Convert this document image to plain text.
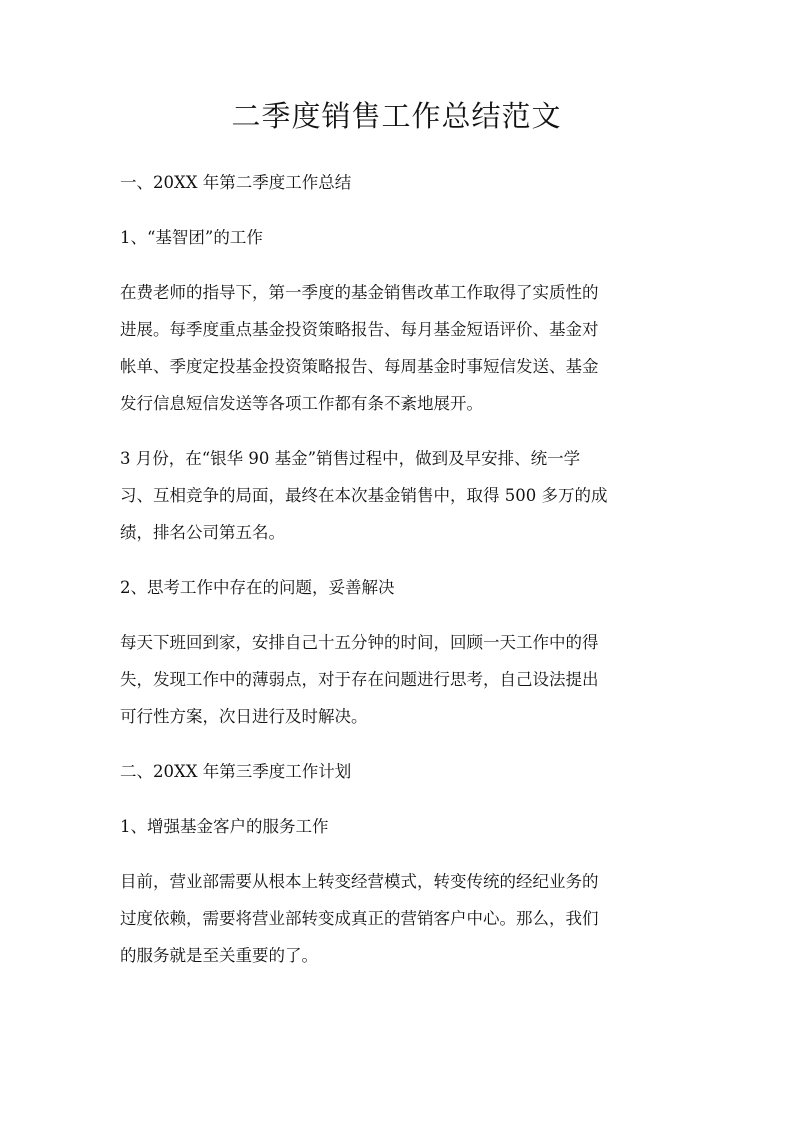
二季度销售工作总结范文

一、20XX 年第二季度工作总结

1、“基智团”的工作

在费老师的指导下，第一季度的基金销售改革工作取得了实质性的

进展。每季度重点基金投资策略报告、每月基金短语评价、基金对

帐单、季度定投基金投资策略报告、每周基金时事短信发送、基金

发行信息短信发送等各项工作都有条不紊地展开。

3 月份，在“银华 90 基金”销售过程中，做到及早安排、统一学

习、互相竞争的局面，最终在本次基金销售中，取得 500 多万的成

绩，排名公司第五名。

2、思考工作中存在的问题，妥善解决

每天下班回到家，安排自己十五分钟的时间，回顾一天工作中的得

失，发现工作中的薄弱点，对于存在问题进行思考，自己设法提出

可行性方案，次日进行及时解决。

二、20XX 年第三季度工作计划

1、增强基金客户的服务工作

目前，营业部需要从根本上转变经营模式，转变传统的经纪业务的

过度依赖，需要将营业部转变成真正的营销客户中心。那么，我们

的服务就是至关重要的了。
